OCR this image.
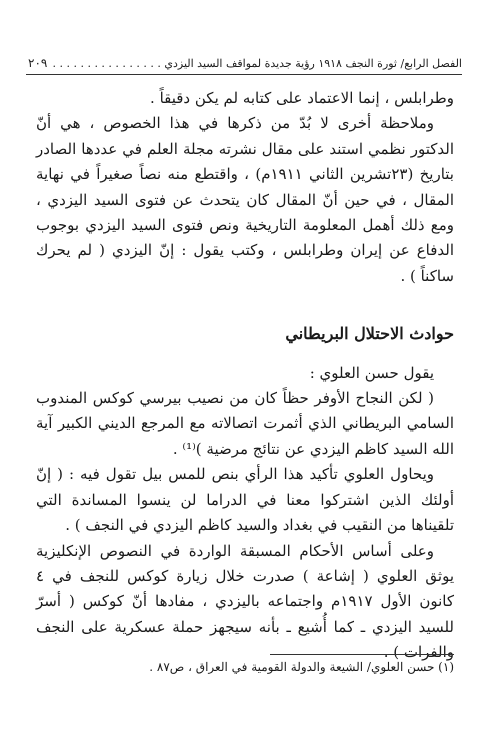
الفصل الرابع/ ثورة النجف ١٩١٨ رؤية جديدة لمواقف السيد اليزدي . . . . . . . . . . . . . . . .
٢٠٩

وطرابلس ، إنما الاعتماد على كتابه لم يكن دقيقاً .

وملاحظة أخرى لا بُدّ من ذكرها في هذا الخصوص ، هي أنّ الدكتور نظمي استند على مقال نشرته مجلة العلم في عددها الصادر بتاريخ (٢٣تشرين الثاني ١٩١١م) ، واقتطع منه نصاً صغيراً في نهاية المقال ، في حين أنّ المقال كان يتحدث عن فتوى السيد اليزدي ، ومع ذلك أهمل المعلومة التاريخية ونص فتوى السيد اليزدي بوجوب الدفاع عن إيران وطرابلس ، وكتب يقول : إنّ اليزدي ( لم يحرك ساكناً ) .

حوادث الاحتلال البريطاني

يقول حسن العلوي :

( لكن النجاح الأوفر حظاً كان من نصيب بيرسي كوكس المندوب السامي البريطاني الذي أثمرت اتصالاته مع المرجع الديني الكبير آية الله السيد كاظم اليزدي عن نتائج مرضية )⁽¹⁾ .

ويحاول العلوي تأكيد هذا الرأي بنص للمس بيل تقول فيه : ( إنّ أولئك الذين اشتركوا معنا في الدراما لن ينسوا المساندة التي تلقيناها من النقيب في بغداد والسيد كاظم اليزدي في النجف ) .

وعلى أساس الأحكام المسبقة الواردة في النصوص الإنكليزية يوثق العلوي ( إشاعة ) صدرت خلال زيارة كوكس للنجف في ٤ كانون الأول ١٩١٧م واجتماعه باليزدي ، مفادها أنّ كوكس ( أسرّ للسيد اليزدي ـ كما أُشيع ـ بأنه سيجهز حملة عسكرية على النجف والفرات ) .

(١) حسن العلوي/ الشيعة والدولة القومية في العراق ، ص٨٧ .
